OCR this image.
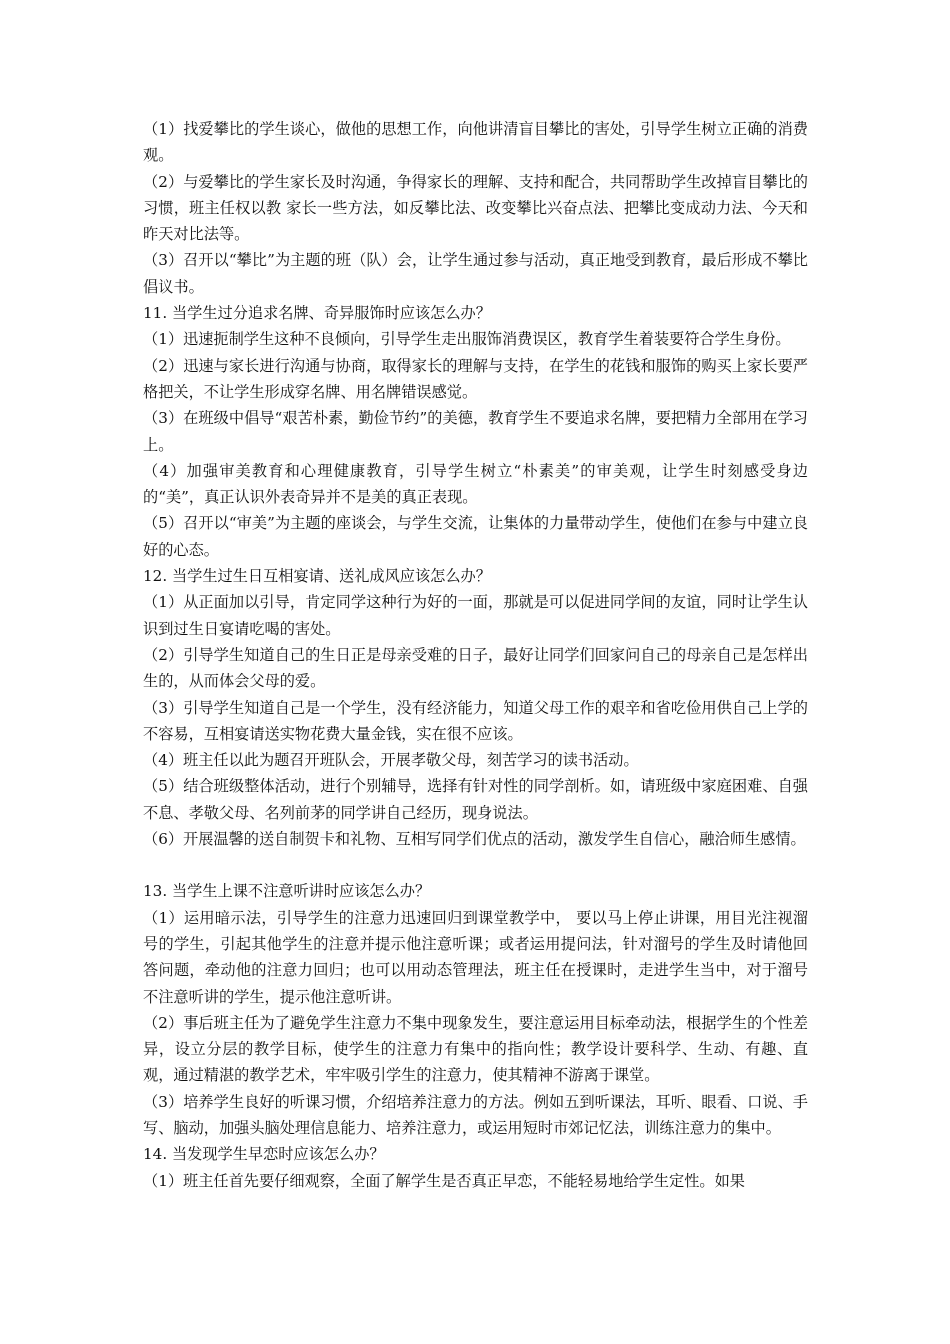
（1）找爱攀比的学生谈心，做他的思想工作，向他讲清盲目攀比的害处，引导学生树立正确的消费观。

（2）与爱攀比的学生家长及时沟通，争得家长的理解、支持和配合，共同帮助学生改掉盲目攀比的习惯，班主任权以教 家长一些方法，如反攀比法、改变攀比兴奋点法、把攀比变成动力法、今天和昨天对比法等。

（3）召开以“攀比”为主题的班（队）会，让学生通过参与活动，真正地受到教育，最后形成不攀比倡议书。

11. 当学生过分追求名牌、奇异服饰时应该怎么办？

（1）迅速扼制学生这种不良倾向，引导学生走出服饰消费误区，教育学生着装要符合学生身份。

（2）迅速与家长进行沟通与协商，取得家长的理解与支持，在学生的花钱和服饰的购买上家长要严格把关，不让学生形成穿名牌、用名牌错误感觉。

（3）在班级中倡导“艰苦朴素，勤俭节约”的美德，教育学生不要追求名牌，要把精力全部用在学习上。

（4）加强审美教育和心理健康教育，引导学生树立“朴素美”的审美观，让学生时刻感受身边的“美”，真正认识外表奇异并不是美的真正表现。

（5）召开以“审美”为主题的座谈会，与学生交流，让集体的力量带动学生，使他们在参与中建立良好的心态。

12. 当学生过生日互相宴请、送礼成风应该怎么办？

（1）从正面加以引导，肯定同学这种行为好的一面，那就是可以促进同学间的友谊，同时让学生认识到过生日宴请吃喝的害处。

（2）引导学生知道自己的生日正是母亲受难的日子，最好让同学们回家问自己的母亲自己是怎样出生的，从而体会父母的爱。

（3）引导学生知道自己是一个学生，没有经济能力，知道父母工作的艰辛和省吃俭用供自己上学的不容易，互相宴请送实物花费大量金钱，实在很不应该。

（4）班主任以此为题召开班队会，开展孝敬父母，刻苦学习的读书活动。

（5）结合班级整体活动，进行个别辅导，选择有针对性的同学剖析。如，请班级中家庭困难、自强不息、孝敬父母、名列前茅的同学讲自己经历，现身说法。

（6）开展温馨的送自制贺卡和礼物、互相写同学们优点的活动，激发学生自信心，融洽师生感情。

13. 当学生上课不注意听讲时应该怎么办？

（1）运用暗示法，引导学生的注意力迅速回归到课堂教学中， 要以马上停止讲课，用目光注视溜号的学生，引起其他学生的注意并提示他注意听课；或者运用提问法，针对溜号的学生及时请他回答问题，牵动他的注意力回归；也可以用动态管理法，班主任在授课时，走进学生当中，对于溜号不注意听讲的学生，提示他注意听讲。

（2）事后班主任为了避免学生注意力不集中现象发生，要注意运用目标牵动法，根据学生的个性差异，设立分层的教学目标，使学生的注意力有集中的指向性；教学设计要科学、生动、有趣、直观，通过精湛的教学艺术，牢牢吸引学生的注意力，使其精神不游离于课堂。

（3）培养学生良好的听课习惯，介绍培养注意力的方法。例如五到听课法，耳听、眼看、口说、手写、脑动，加强头脑处理信息能力、培养注意力，或运用短时市郊记忆法，训练注意力的集中。

14. 当发现学生早恋时应该怎么办？

（1）班主任首先要仔细观察，全面了解学生是否真正早恋，不能轻易地给学生定性。如果
